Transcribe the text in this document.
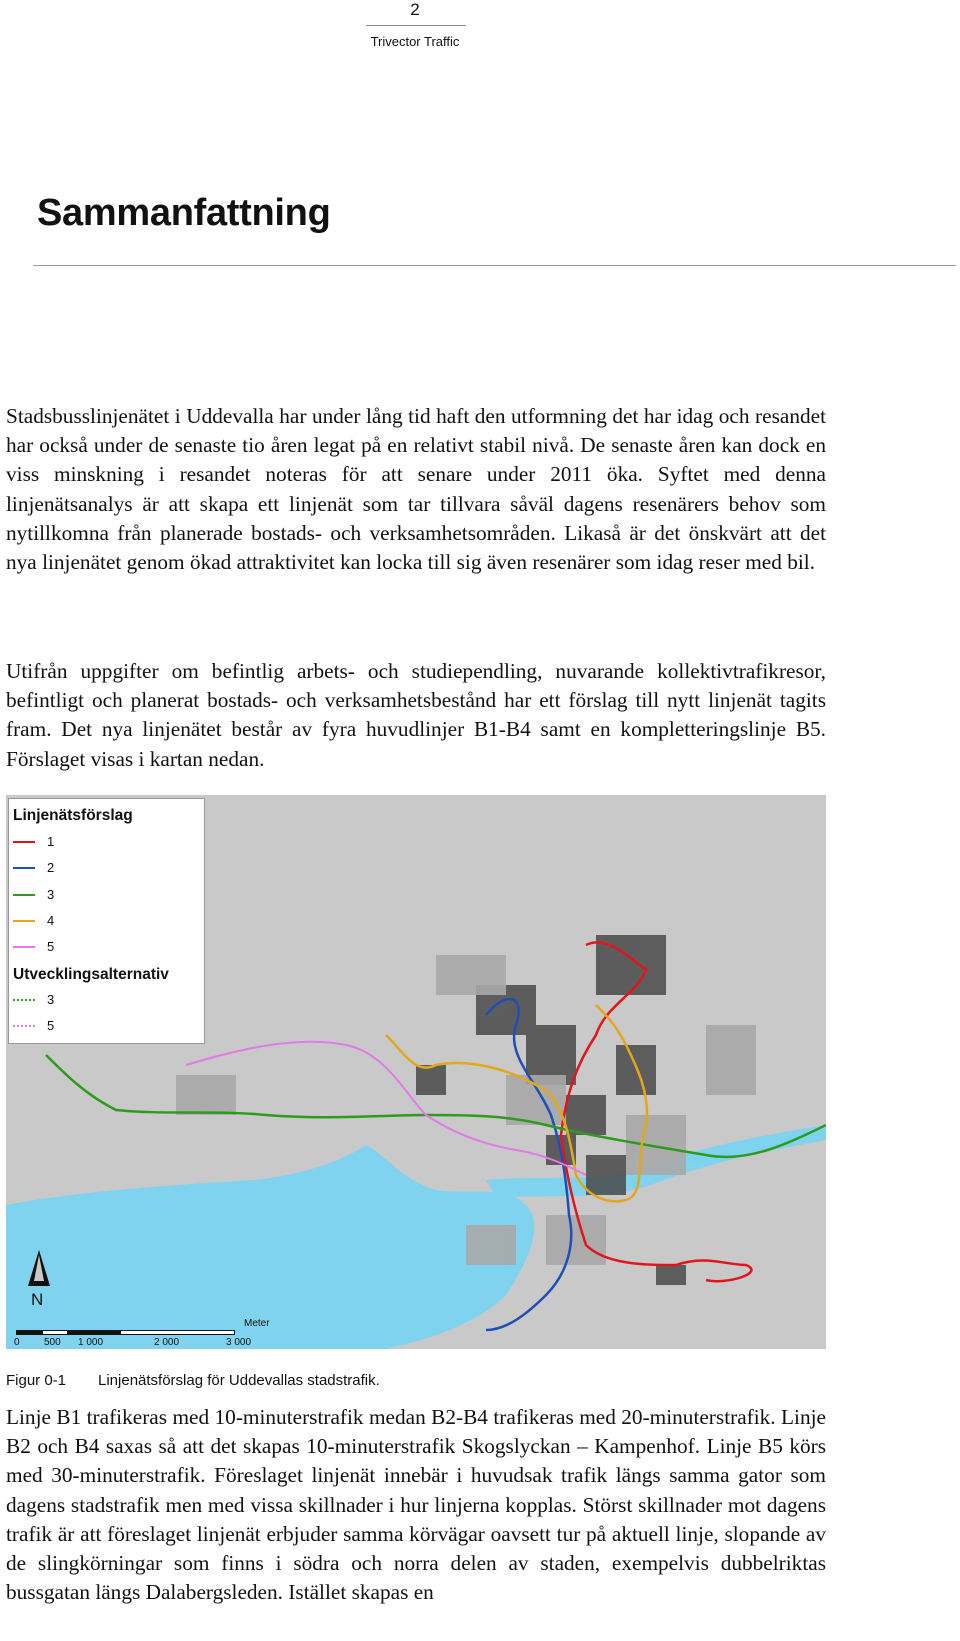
2
Trivector Traffic
Sammanfattning

Stadsbusslinjenätet i Uddevalla har under lång tid haft den utformning det har idag och resandet har också under de senaste tio åren legat på en relativt stabil nivå. De senaste åren kan dock en viss minskning i resandet noteras för att senare under 2011 öka. Syftet med denna linjenätsanalys är att skapa ett linjenät som tar tillvara såväl dagens resenärers behov som nytillkomna från planerade bostads- och verksamhetsområden. Likaså är det önskvärt att det nya linjenätet genom ökad attraktivitet kan locka till sig även resenärer som idag reser med bil.

Utifrån uppgifter om befintlig arbets- och studiependling, nuvarande kollektivtrafikresor, befintligt och planerat bostads- och verksamhetsbestånd har ett förslag till nytt linjenät tagits fram. Det nya linjenätet består av fyra huvudlinjer B1-B4 samt en kompletteringslinje B5. Förslaget visas i kartan nedan.

Linjenätsförslag
1
2
3
4
5
Utvecklingsalternativ
3
5
N
Meter
0 500 1 000	2 000	3 000
Figur 0-1 Linjenätsförslag för Uddevallas stadstrafik.

Linje B1 trafikeras med 10-minuterstrafik medan B2-B4 trafikeras med 20-minuterstrafik. Linje B2 och B4 saxas så att det skapas 10-minuterstrafik Skogslyckan – Kampenhof. Linje B5 körs med 30-minuterstrafik. Föreslaget linjenät innebär i huvudsak trafik längs samma gator som dagens stadstrafik men med vissa skillnader i hur linjerna kopplas. Störst skillnader mot dagens trafik är att föreslaget linjenät erbjuder samma körvägar oavsett tur på aktuell linje, slopande av de slingkörningar som finns i södra och norra delen av staden, exempelvis dubbelriktas bussgatan längs Dalabergsleden. Istället skapas en
